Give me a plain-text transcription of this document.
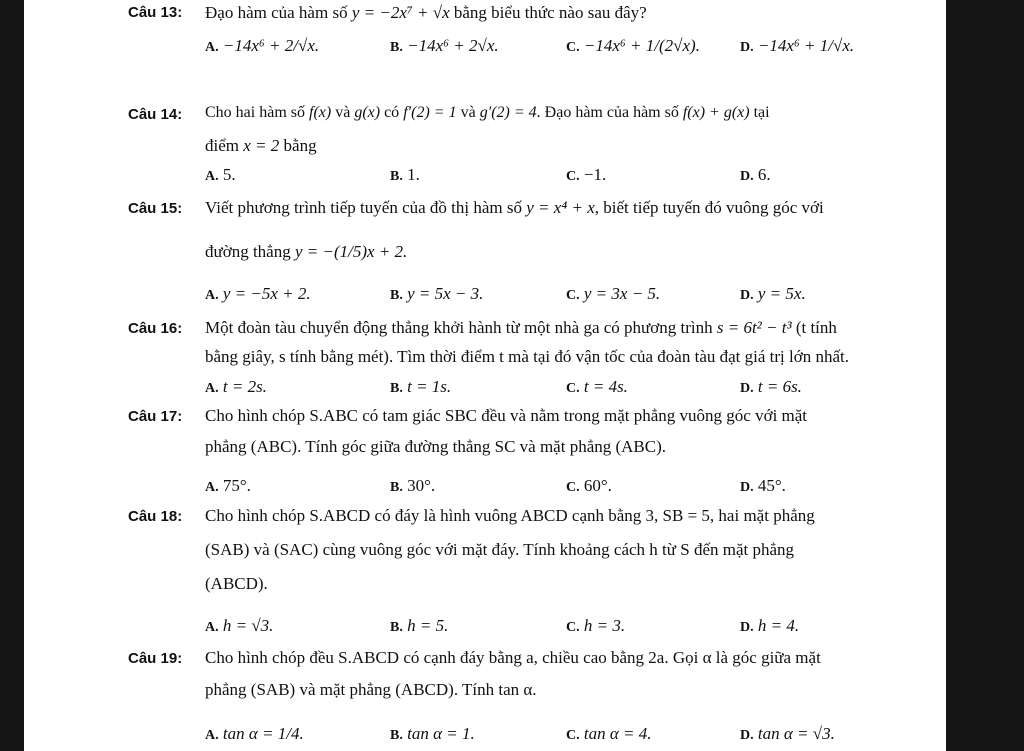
Câu 13: Đạo hàm của hàm số y = −2x⁷ + √x bằng biểu thức nào sau đây?
A. −14x⁶ + 2/√x.	B. −14x⁶ + 2√x.	C. −14x⁶ + 1/(2√x).	D. −14x⁶ + 1/√x.
Câu 14: Cho hai hàm số f(x) và g(x) có f′(2) = 1 và g′(2) = 4. Đạo hàm của hàm số f(x) + g(x) tại
điểm x = 2 bằng
A. 5.	B. 1.	C. −1.	D. 6.
Câu 15: Viết phương trình tiếp tuyến của đồ thị hàm số y = x⁴ + x, biết tiếp tuyến đó vuông góc với
đường thẳng y = −(1/5)x + 2.
A. y = −5x + 2.	B. y = 5x − 3.	C. y = 3x − 5.	D. y = 5x.
Câu 16: Một đoàn tàu chuyển động thẳng khởi hành từ một nhà ga có phương trình s = 6t² − t³ (t tính
bằng giây, s tính bằng mét). Tìm thời điểm t mà tại đó vận tốc của đoàn tàu đạt giá trị lớn nhất.
A. t = 2s.	B. t = 1s.	C. t = 4s.	D. t = 6s.
Câu 17: Cho hình chóp S.ABC có tam giác SBC đều và nằm trong mặt phẳng vuông góc với mặt
phẳng (ABC). Tính góc giữa đường thẳng SC và mặt phẳng (ABC).
A. 75°.	B. 30°.	C. 60°.	D. 45°.
Câu 18: Cho hình chóp S.ABCD có đáy là hình vuông ABCD cạnh bằng 3, SB = 5, hai mặt phẳng
(SAB) và (SAC) cùng vuông góc với mặt đáy. Tính khoảng cách h từ S đến mặt phẳng
(ABCD).
A. h = √3.	B. h = 5.	C. h = 3.	D. h = 4.
Câu 19: Cho hình chóp đều S.ABCD có cạnh đáy bằng a, chiều cao bằng 2a. Gọi α là góc giữa mặt
phẳng (SAB) và mặt phẳng (ABCD). Tính tan α.
A. tan α = 1/4.	B. tan α = 1.	C. tan α = 4.	D. tan α = √3.
